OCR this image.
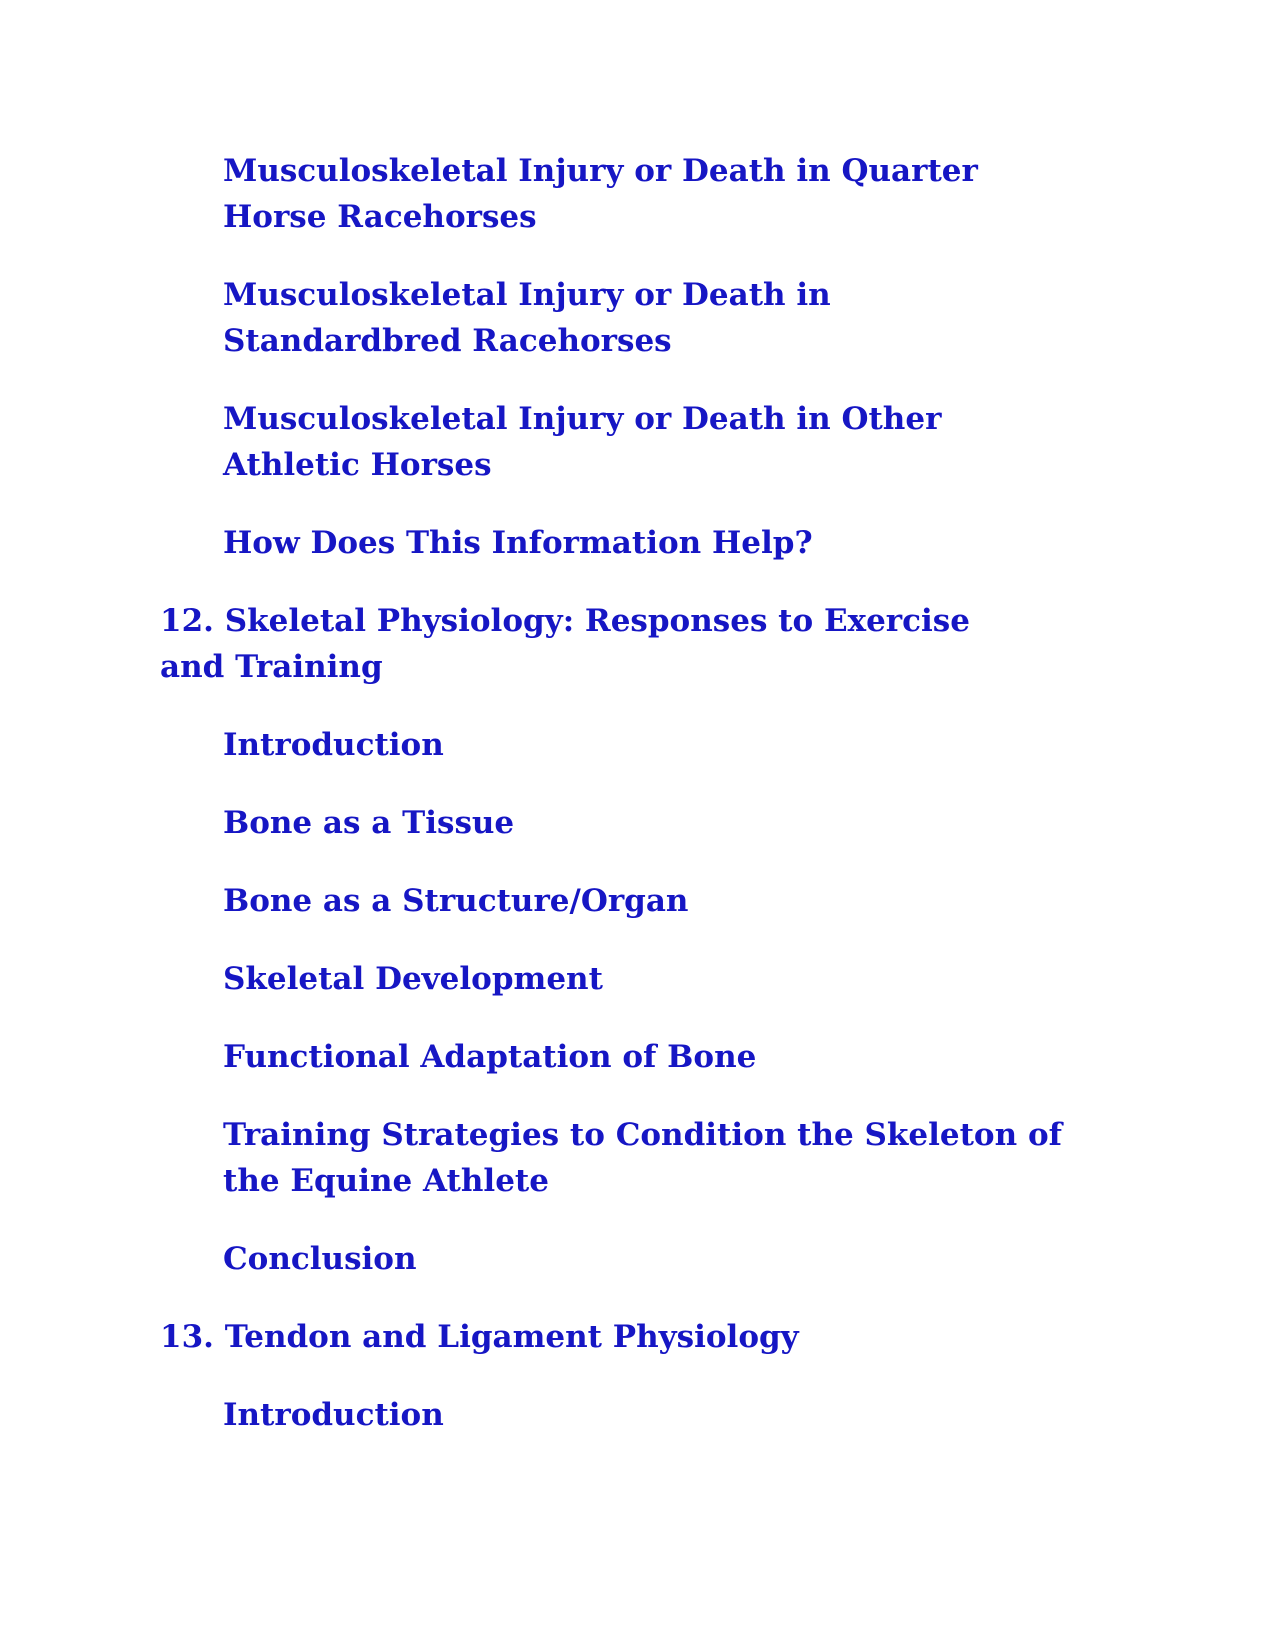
Musculoskeletal Injury or Death in Quarter Horse Racehorses
Musculoskeletal Injury or Death in Standardbred Racehorses
Musculoskeletal Injury or Death in Other Athletic Horses
How Does This Information Help?
12. Skeletal Physiology: Responses to Exercise and Training
Introduction
Bone as a Tissue
Bone as a Structure/Organ
Skeletal Development
Functional Adaptation of Bone
Training Strategies to Condition the Skeleton of the Equine Athlete
Conclusion
13. Tendon and Ligament Physiology
Introduction
